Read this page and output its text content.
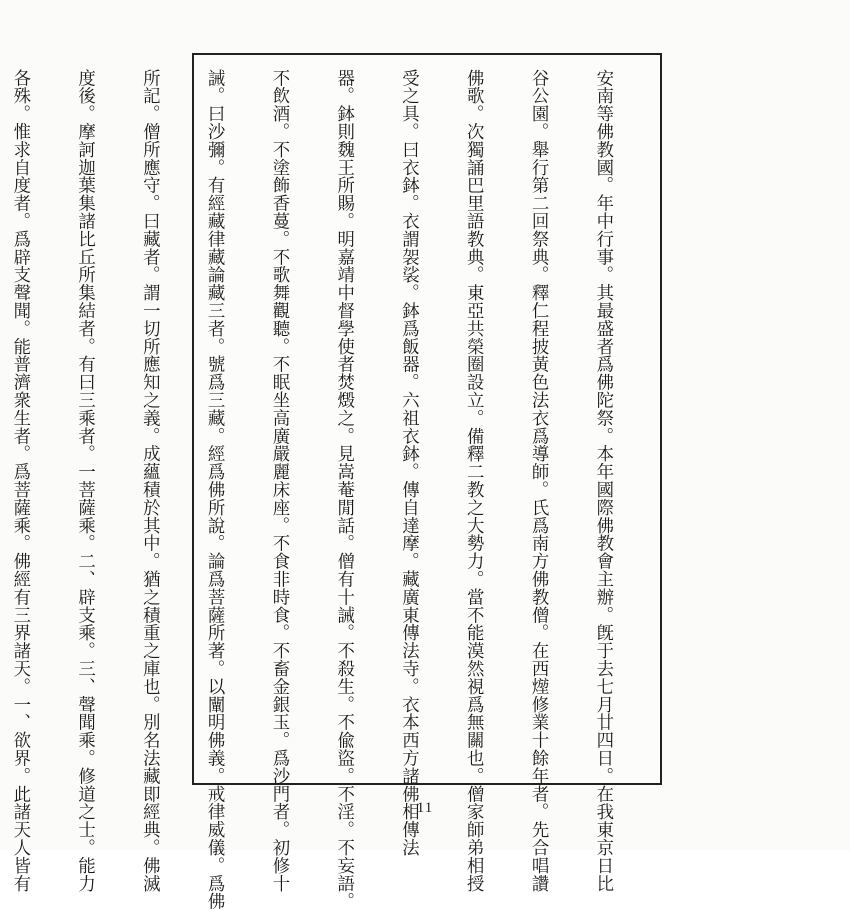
安南等佛教國。年中行事。其最盛者爲佛陀祭。本年國際佛教會主辦。旣于去七月廿四日。在我東京日比

谷公園。舉行第二回祭典。釋仁程披黃色法衣爲導師。氏爲南方佛教僧。在西𤍣修業十餘年者。先合唱讚

佛歌。次獨誦巴里語教典。東亞共榮圈設立。備釋二教之大勢力。當不能漠然視爲無關也。僧家師弟相授

受之具。曰衣鉢。衣謂袈裟。鉢爲飯器。六祖衣鉢。傳自達摩。藏廣東傳法寺。衣本西方諸佛相傳法

器。鉢則魏王所賜。明嘉靖中督學使者焚燬之。見嵩菴閒話。僧有十誡。不殺生。不偸盜。不淫。不妄語。

不飲酒。不塗飾香蔓。不歌舞觀聽。不眠坐高廣嚴麗床座。不食非時食。不畜金銀玉。爲沙門者。初修十

誡。曰沙彌。有經藏律藏論藏三者。號爲三藏。經爲佛所說。論爲菩薩所著。以闡明佛義。戒律威儀。爲佛

所記。僧所應守。曰藏者。謂一切所應知之義。成蘊積於其中。猶之積重之庫也。別名法藏即經典。佛滅

度後。摩訶迦葉集諸比丘所集結者。有曰三乘者。一菩薩乘。二、辟支乘。三、聲聞乘。修道之士。能力

各殊。惟求自度者。爲辟支聲聞。能普濟衆生者。爲菩薩乘。佛經有三界諸天。一、欲界。此諸天人皆有

	11
